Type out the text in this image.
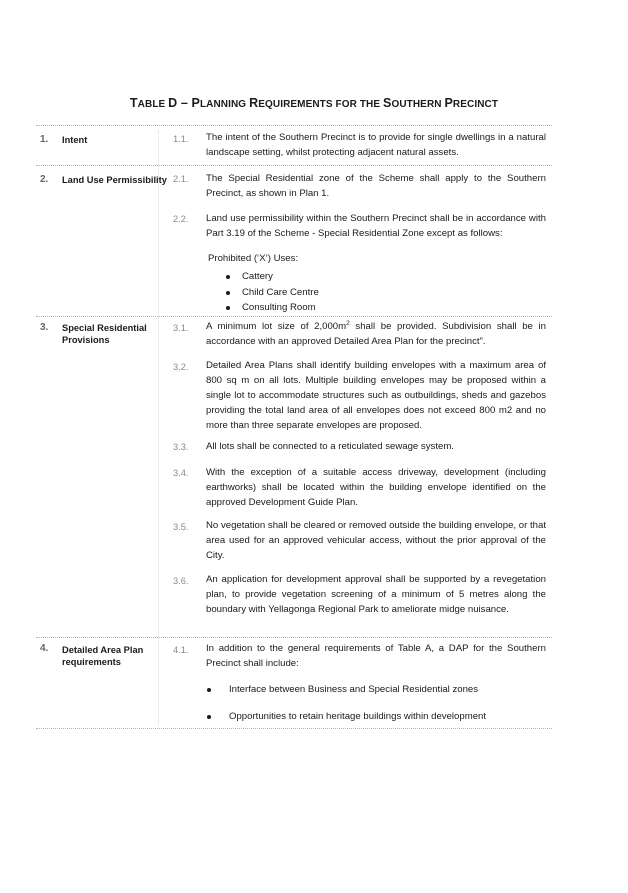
TABLE D – PLANNING REQUIREMENTS FOR THE SOUTHERN PRECINCT
1. Intent	1.1. The intent of the Southern Precinct is to provide for single dwellings in a natural landscape setting, whilst protecting adjacent natural assets.
2. Land Use Permissibility 2.1. The Special Residential zone of the Scheme shall apply to the Southern Precinct, as shown in Plan 1.
2.2. Land use permissibility within the Southern Precinct shall be in accordance with Part 3.19 of the Scheme - Special Residential Zone except as follows:
Prohibited (‘X’) Uses:
Cattery
Child Care Centre
Consulting Room
3. Special Residential
Provisions
3.1. A minimum lot size of $2,000m^2$ shall be provided. Subdivision shall be in accordance with an approved Detailed Area Plan for the precinct”.
3.2. Detailed Area Plans shall identify building envelopes with a maximum area of 800 sq m on all lots. Multiple building envelopes may be proposed within a single lot to accommodate structures such as outbuildings, sheds and gazebos providing the total land area of all envelopes does not exceed 800 m2 and no more than three separate envelopes are proposed.
3.3. All lots shall be connected to a reticulated sewage system.
3.4. With the exception of a suitable access driveway, development (including earthworks) shall be located within the building envelope identified on the approved Development Guide Plan.
3.5. No vegetation shall be cleared or removed outside the building envelope, or that area used for an approved vehicular access, without the prior approval of the City.
3.6. An application for development approval shall be supported by a revegetation plan, to provide vegetation screening of a minimum of 5 metres along the boundary with Yellagonga Regional Park to ameliorate midge nuisance.
4. Detailed Area Plan
requirements
4.1. In addition to the general requirements of Table A, a DAP for the Southern Precinct shall include:
Interface between Business and Special Residential zones
Opportunities to retain heritage buildings within development
